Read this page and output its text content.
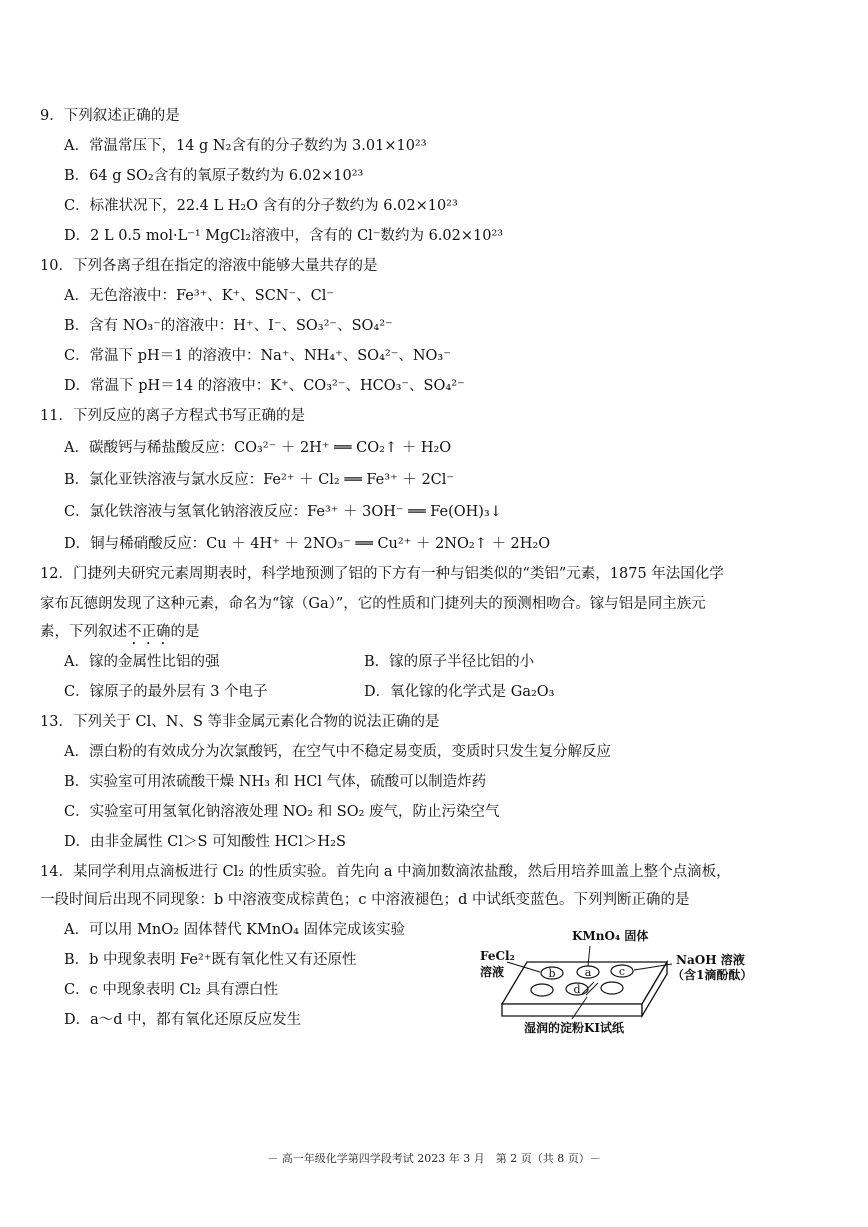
9．下列叙述正确的是
A．常温常压下，14 g N₂含有的分子数约为 3.01×10²³
B．64 g SO₂含有的氧原子数约为 6.02×10²³
C．标准状况下，22.4 L H₂O 含有的分子数约为 6.02×10²³
D．2 L 0.5 mol·L⁻¹ MgCl₂溶液中，含有的 Cl⁻数约为 6.02×10²³
10．下列各离子组在指定的溶液中能够大量共存的是
A．无色溶液中：Fe³⁺、K⁺、SCN⁻、Cl⁻
B．含有 NO₃⁻的溶液中：H⁺、I⁻、SO₃²⁻、SO₄²⁻
C．常温下 pH＝1 的溶液中：Na⁺、NH₄⁺、SO₄²⁻、NO₃⁻
D．常温下 pH＝14 的溶液中：K⁺、CO₃²⁻、HCO₃⁻、SO₄²⁻
11．下列反应的离子方程式书写正确的是
A．碳酸钙与稀盐酸反应：CO₃²⁻ ＋ 2H⁺ ══ CO₂↑ ＋ H₂O
B．氯化亚铁溶液与氯水反应：Fe²⁺ ＋ Cl₂ ══ Fe³⁺ ＋ 2Cl⁻
C．氯化铁溶液与氢氧化钠溶液反应：Fe³⁺ ＋ 3OH⁻ ══ Fe(OH)₃↓
D．铜与稀硝酸反应：Cu ＋ 4H⁺ ＋ 2NO₃⁻ ══ Cu²⁺ ＋ 2NO₂↑ ＋ 2H₂O
12．门捷列夫研究元素周期表时，科学地预测了铝的下方有一种与铝类似的“类铝”元素，1875 年法国化学
家布瓦德朗发现了这种元素，命名为“镓（Ga）”，它的性质和门捷列夫的预测相吻合。镓与铝是同主族元
素，下列叙述不正确的是
A．镓的金属性比铝的强	B．镓的原子半径比铝的小
C．镓原子的最外层有 3 个电子	D．氧化镓的化学式是 Ga₂O₃
13．下列关于 Cl、N、S 等非金属元素化合物的说法正确的是
A．漂白粉的有效成分为次氯酸钙，在空气中不稳定易变质，变质时只发生复分解反应
B．实验室可用浓硫酸干燥 NH₃ 和 HCl 气体，硫酸可以制造炸药
C．实验室可用氢氧化钠溶液处理 NO₂ 和 SO₂ 废气，防止污染空气
D．由非金属性 Cl＞S 可知酸性 HCl＞H₂S
14．某同学利用点滴板进行 Cl₂ 的性质实验。首先向 a 中滴加数滴浓盐酸，然后用培养皿盖上整个点滴板，
一段时间后出现不同现象：b 中溶液变成棕黄色；c 中溶液褪色；d 中试纸变蓝色。下列判断正确的是
A．可以用 MnO₂ 固体替代 KMnO₄ 固体完成该实验
B．b 中现象表明 Fe²⁺既有氧化性又有还原性
C．c 中现象表明 Cl₂ 具有漂白性
D．a～d 中，都有氧化还原反应发生
b	a	c
d
KMnO₄ 固体
FeCl₂
溶液
NaOH 溶液
（含1滴酚酞）
湿润的淀粉KI试纸
－ 高一年级化学第四学段考试 2023 年 3 月　第 2 页（共 8 页）－
